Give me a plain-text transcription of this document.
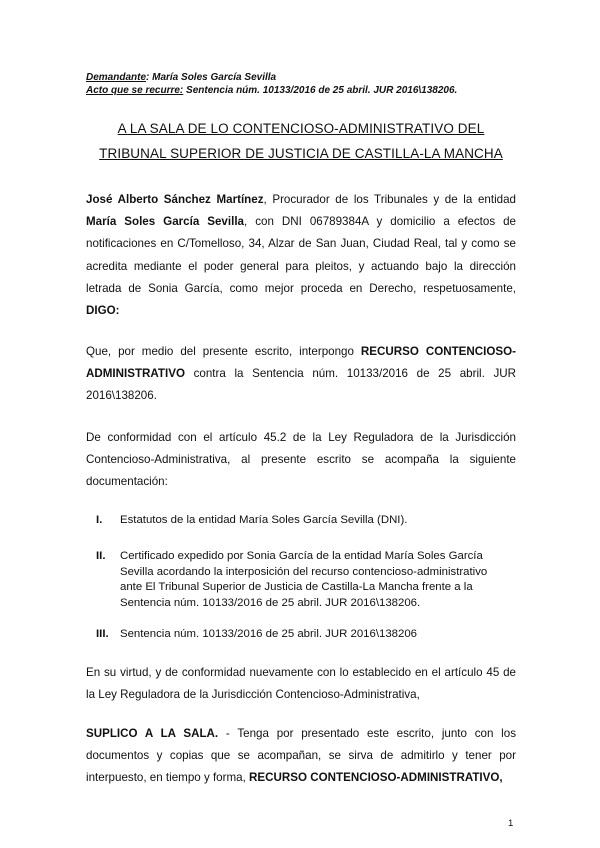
Demandante: María Soles García Sevilla
Acto que se recurre: Sentencia núm. 10133/2016 de 25 abril. JUR 2016\138206.
A LA SALA DE LO CONTENCIOSO-ADMINISTRATIVO DEL
TRIBUNAL SUPERIOR DE JUSTICIA DE CASTILLA-LA MANCHA
José Alberto Sánchez Martínez, Procurador de los Tribunales y de la entidad María Soles García Sevilla, con DNI 06789384A y domicilio a efectos de notificaciones en C/Tomelloso, 34, Alzar de San Juan, Ciudad Real, tal y como se acredita mediante el poder general para pleitos, y actuando bajo la dirección letrada de Sonia García, como mejor proceda en Derecho, respetuosamente, DIGO:
Que, por medio del presente escrito, interpongo RECURSO CONTENCIOSO-ADMINISTRATIVO contra la Sentencia núm. 10133/2016 de 25 abril. JUR 2016\138206.
De conformidad con el artículo 45.2 de la Ley Reguladora de la Jurisdicción Contencioso-Administrativa, al presente escrito se acompaña la siguiente documentación:
I.	Estatutos de la entidad María Soles García Sevilla (DNI).
II.	Certificado expedido por Sonia García de la entidad María Soles García Sevilla acordando la interposición del recurso contencioso-administrativo ante El Tribunal Superior de Justicia de Castilla-La Mancha frente a la Sentencia núm. 10133/2016 de 25 abril. JUR 2016\138206.
III. Sentencia núm. 10133/2016 de 25 abril. JUR 2016\138206
En su virtud, y de conformidad nuevamente con lo establecido en el artículo 45 de la Ley Reguladora de la Jurisdicción Contencioso-Administrativa,
SUPLICO A LA SALA. - Tenga por presentado este escrito, junto con los documentos y copias que se acompañan, se sirva de admitirlo y tener por interpuesto, en tiempo y forma, RECURSO CONTENCIOSO-ADMINISTRATIVO,
1
